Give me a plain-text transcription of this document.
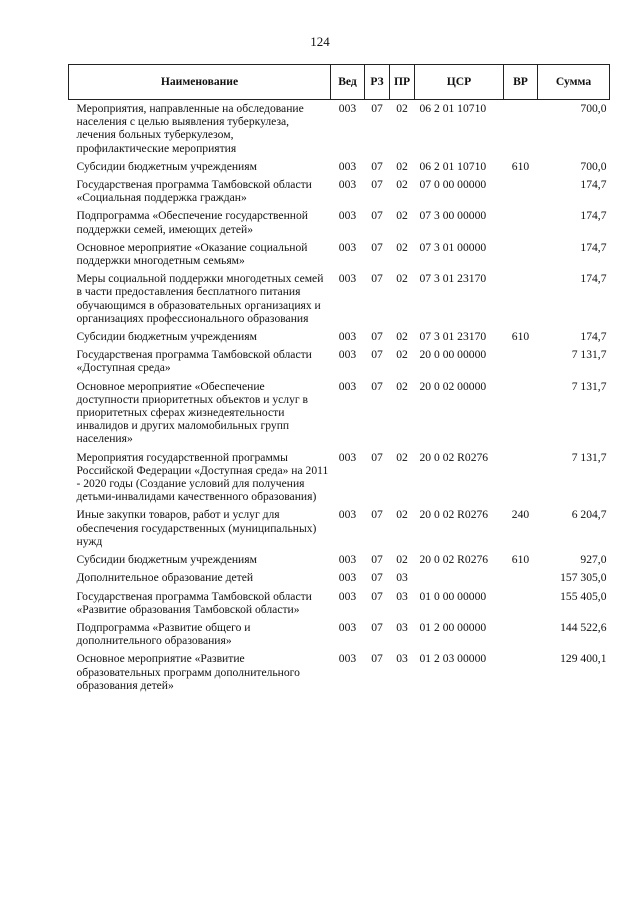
124
Наименование	Вед	РЗ	ПР	ЦСР	ВР	Сумма
Мероприятия, направленные на обследование населения с целью выявления туберкулеза, лечения больных туберкулезом, профилактические мероприятия	003	07	02	06 2 01 10710		700,0
Субсидии бюджетным учреждениям	003	07	02	06 2 01 10710	610	700,0
Государственая программа Тамбовской области «Социальная поддержка граждан»	003	07	02	07 0 00 00000		174,7
Подпрограмма «Обеспечение государственной поддержки семей, имеющих детей»	003	07	02	07 3 00 00000		174,7
Основное мероприятие «Оказание социальной поддержки многодетным семьям»	003	07	02	07 3 01 00000		174,7
Меры социальной поддержки многодетных семей в части предоставления бесплатного питания обучающимся в образовательных организациях и организациях профессионального образования	003	07	02	07 3 01 23170		174,7
Субсидии бюджетным учреждениям	003	07	02	07 3 01 23170	610	174,7
Государственая программа Тамбовской области «Доступная среда»	003	07	02	20 0 00 00000		7 131,7
Основное мероприятие «Обеспечение доступности приоритетных объектов и услуг в приоритетных сферах жизнедеятельности инвалидов и других маломобильных групп населения»	003	07	02	20 0 02 00000		7 131,7
Мероприятия государственной программы Российской Федерации «Доступная среда» на 2011 - 2020 годы (Создание условий для получения детьми-инвалидами качественного образования)	003	07	02	20 0 02 R0276		7 131,7
Иные закупки товаров, работ и услуг для обеспечения государственных (муниципальных) нужд	003	07	02	20 0 02 R0276	240	6 204,7
Субсидии бюджетным учреждениям	003	07	02	20 0 02 R0276	610	927,0
Дополнительное образование детей	003	07	03			157 305,0
Государственая программа Тамбовской области «Развитие образования Тамбовской области»	003	07	03	01 0 00 00000		155 405,0
Подпрограмма «Развитие общего и дополнительного образования»	003	07	03	01 2 00 00000		144 522,6
Основное мероприятие «Развитие образовательных программ дополнительного образования детей»	003	07	03	01 2 03 00000		129 400,1
